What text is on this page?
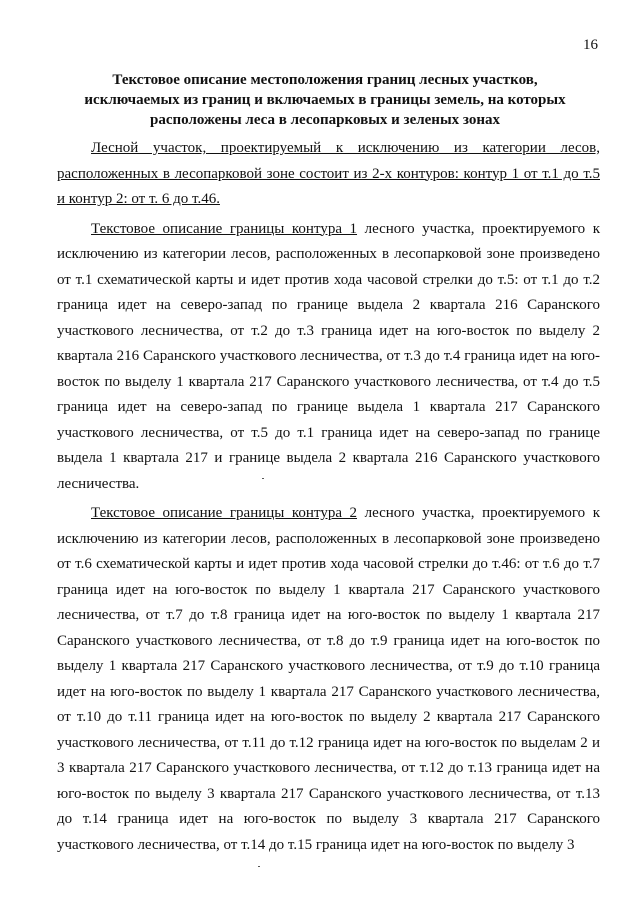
16
Текстовое описание местоположения границ лесных участков, исключаемых из границ и включаемых в границы земель, на которых расположены леса в лесопарковых и зеленых зонах

Лесной участок, проектируемый к исключению из категории лесов, расположенных в лесопарковой зоне состоит из 2-х контуров: контур 1 от т.1 до т.5 и контур 2: от т. 6 до т.46.

Текстовое описание границы контура 1 лесного участка, проектируемого к исключению из категории лесов, расположенных в лесопарковой зоне произведено от т.1 схематической карты и идет против хода часовой стрелки до т.5: от т.1 до т.2 граница идет на северо-запад по границе выдела 2 квартала 216 Саранского участкового лесничества, от т.2 до т.3 граница идет на юго-восток по выделу 2 квартала 216 Саранского участкового лесничества, от т.3 до т.4 граница идет на юго-восток по выделу 1 квартала 217 Саранского участкового лесничества, от т.4 до т.5 граница идет на северо-запад по границе выдела 1 квартала 217 Саранского участкового лесничества, от т.5 до т.1 граница идет на северо-запад по границе выдела 1 квартала 217 и границе выдела 2 квартала 216 Саранского участкового лесничества.

Текстовое описание границы контура 2 лесного участка, проектируемого к исключению из категории лесов, расположенных в лесопарковой зоне произведено от т.6 схематической карты и идет против хода часовой стрелки до т.46: от т.6 до т.7 граница идет на юго-восток по выделу 1 квартала 217 Саранского участкового лесничества, от т.7 до т.8 граница идет на юго-восток по выделу 1 квартала 217 Саранского участкового лесничества, от т.8 до т.9 граница идет на юго-восток по выделу 1 квартала 217 Саранского участкового лесничества, от т.9 до т.10 граница идет на юго-восток по выделу 1 квартала 217 Саранского участкового лесничества, от т.10 до т.11 граница идет на юго-восток по выделу 2 квартала 217 Саранского участкового лесничества, от т.11 до т.12 граница идет на юго-восток по выделам 2 и 3 квартала 217 Саранского участкового лесничества, от т.12 до т.13 граница идет на юго-восток по выделу 3 квартала 217 Саранского участкового лесничества, от т.13 до т.14 граница идет на юго-восток по выделу 3 квартала 217 Саранского участкового лесничества, от т.14 до т.15 граница идет на юго-восток по выделу 3
